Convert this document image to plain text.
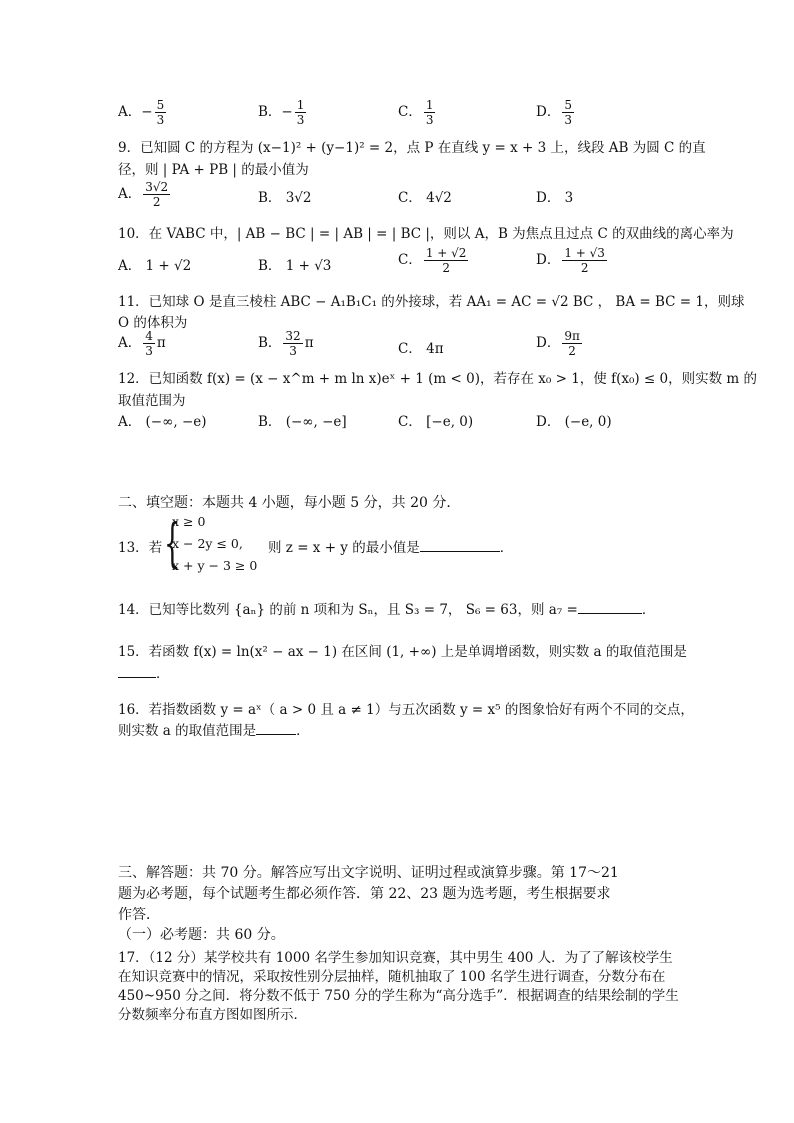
A．− $\frac{5}{3}$	B．− $\frac{1}{3}$	C． $\frac{1}{3}$	D． $\frac{5}{3}$
9．已知圆 C 的方程为 (x−1)² + (y−1)² = 2，点 P 在直线 y = x + 3 上，线段 AB 为圆 C 的直
径，则 | PA + PB | 的最小值为
A． $\frac{3√2}{2}$	B． 3√2	C． 4√2	D． 3
10．在 VABC 中，| AB − BC | = | AB | = | BC |，则以 A，B 为焦点且过点 C 的双曲线的离心率为
A． 1 + √2	B． 1 + √3	C． $\frac{1 + √2}{2}$	D． $\frac{1 + √3}{2}$
11．已知球 O 是直三棱柱 ABC − A₁B₁C₁ 的外接球，若 AA₁ = AC = √2 BC ， BA = BC = 1，则球
O 的体积为
A． $\frac{4}{3}$ π	B． $\frac{32}{3}$ π	C． 4π	D． $\frac{9\pi}{2}$
12．已知函数 f(x) = (x − x^m + m ln x)eˣ + 1 (m < 0)，若存在 x₀ > 1，使 f(x₀) ≤ 0，则实数 m 的
取值范围为
A． (−∞, −e)	B． (−∞, −e]	C． [−e, 0)	D． (−e, 0)
二、填空题：本题共 4 小题，每小题 5 分，共 20 分．
13．若 {
x ≥ 0
x − 2y ≤ 0,
x + y − 3 ≥ 0
则 z = x + y 的最小值是	．
14．已知等比数列 {aₙ} 的前 n 项和为 Sₙ，且 S₃ = 7， S₆ = 63，则 a₇ =	．
15．若函数 f(x) = ln(x² − ax − 1) 在区间 (1, +∞) 上是单调增函数，则实数 a 的取值范围是
．
16．若指数函数 y = aˣ（ a > 0 且 a ≠ 1）与五次函数 y = x⁵ 的图象恰好有两个不同的交点，
则实数 a 的取值范围是	．
三、解答题：共 70 分。解答应写出文字说明、证明过程或演算步骤。第 17～21
题为必考题，每个试题考生都必须作答．第 22、23 题为选考题，考生根据要求
作答．
（一）必考题：共 60 分。
17．（12 分）某学校共有 1000 名学生参加知识竞赛，其中男生 400 人．为了了解该校学生
在知识竞赛中的情况，采取按性别分层抽样，随机抽取了 100 名学生进行调查，分数分布在
450~950 分之间．将分数不低于 750 分的学生称为“高分选手”．根据调查的结果绘制的学生
分数频率分布直方图如图所示．
